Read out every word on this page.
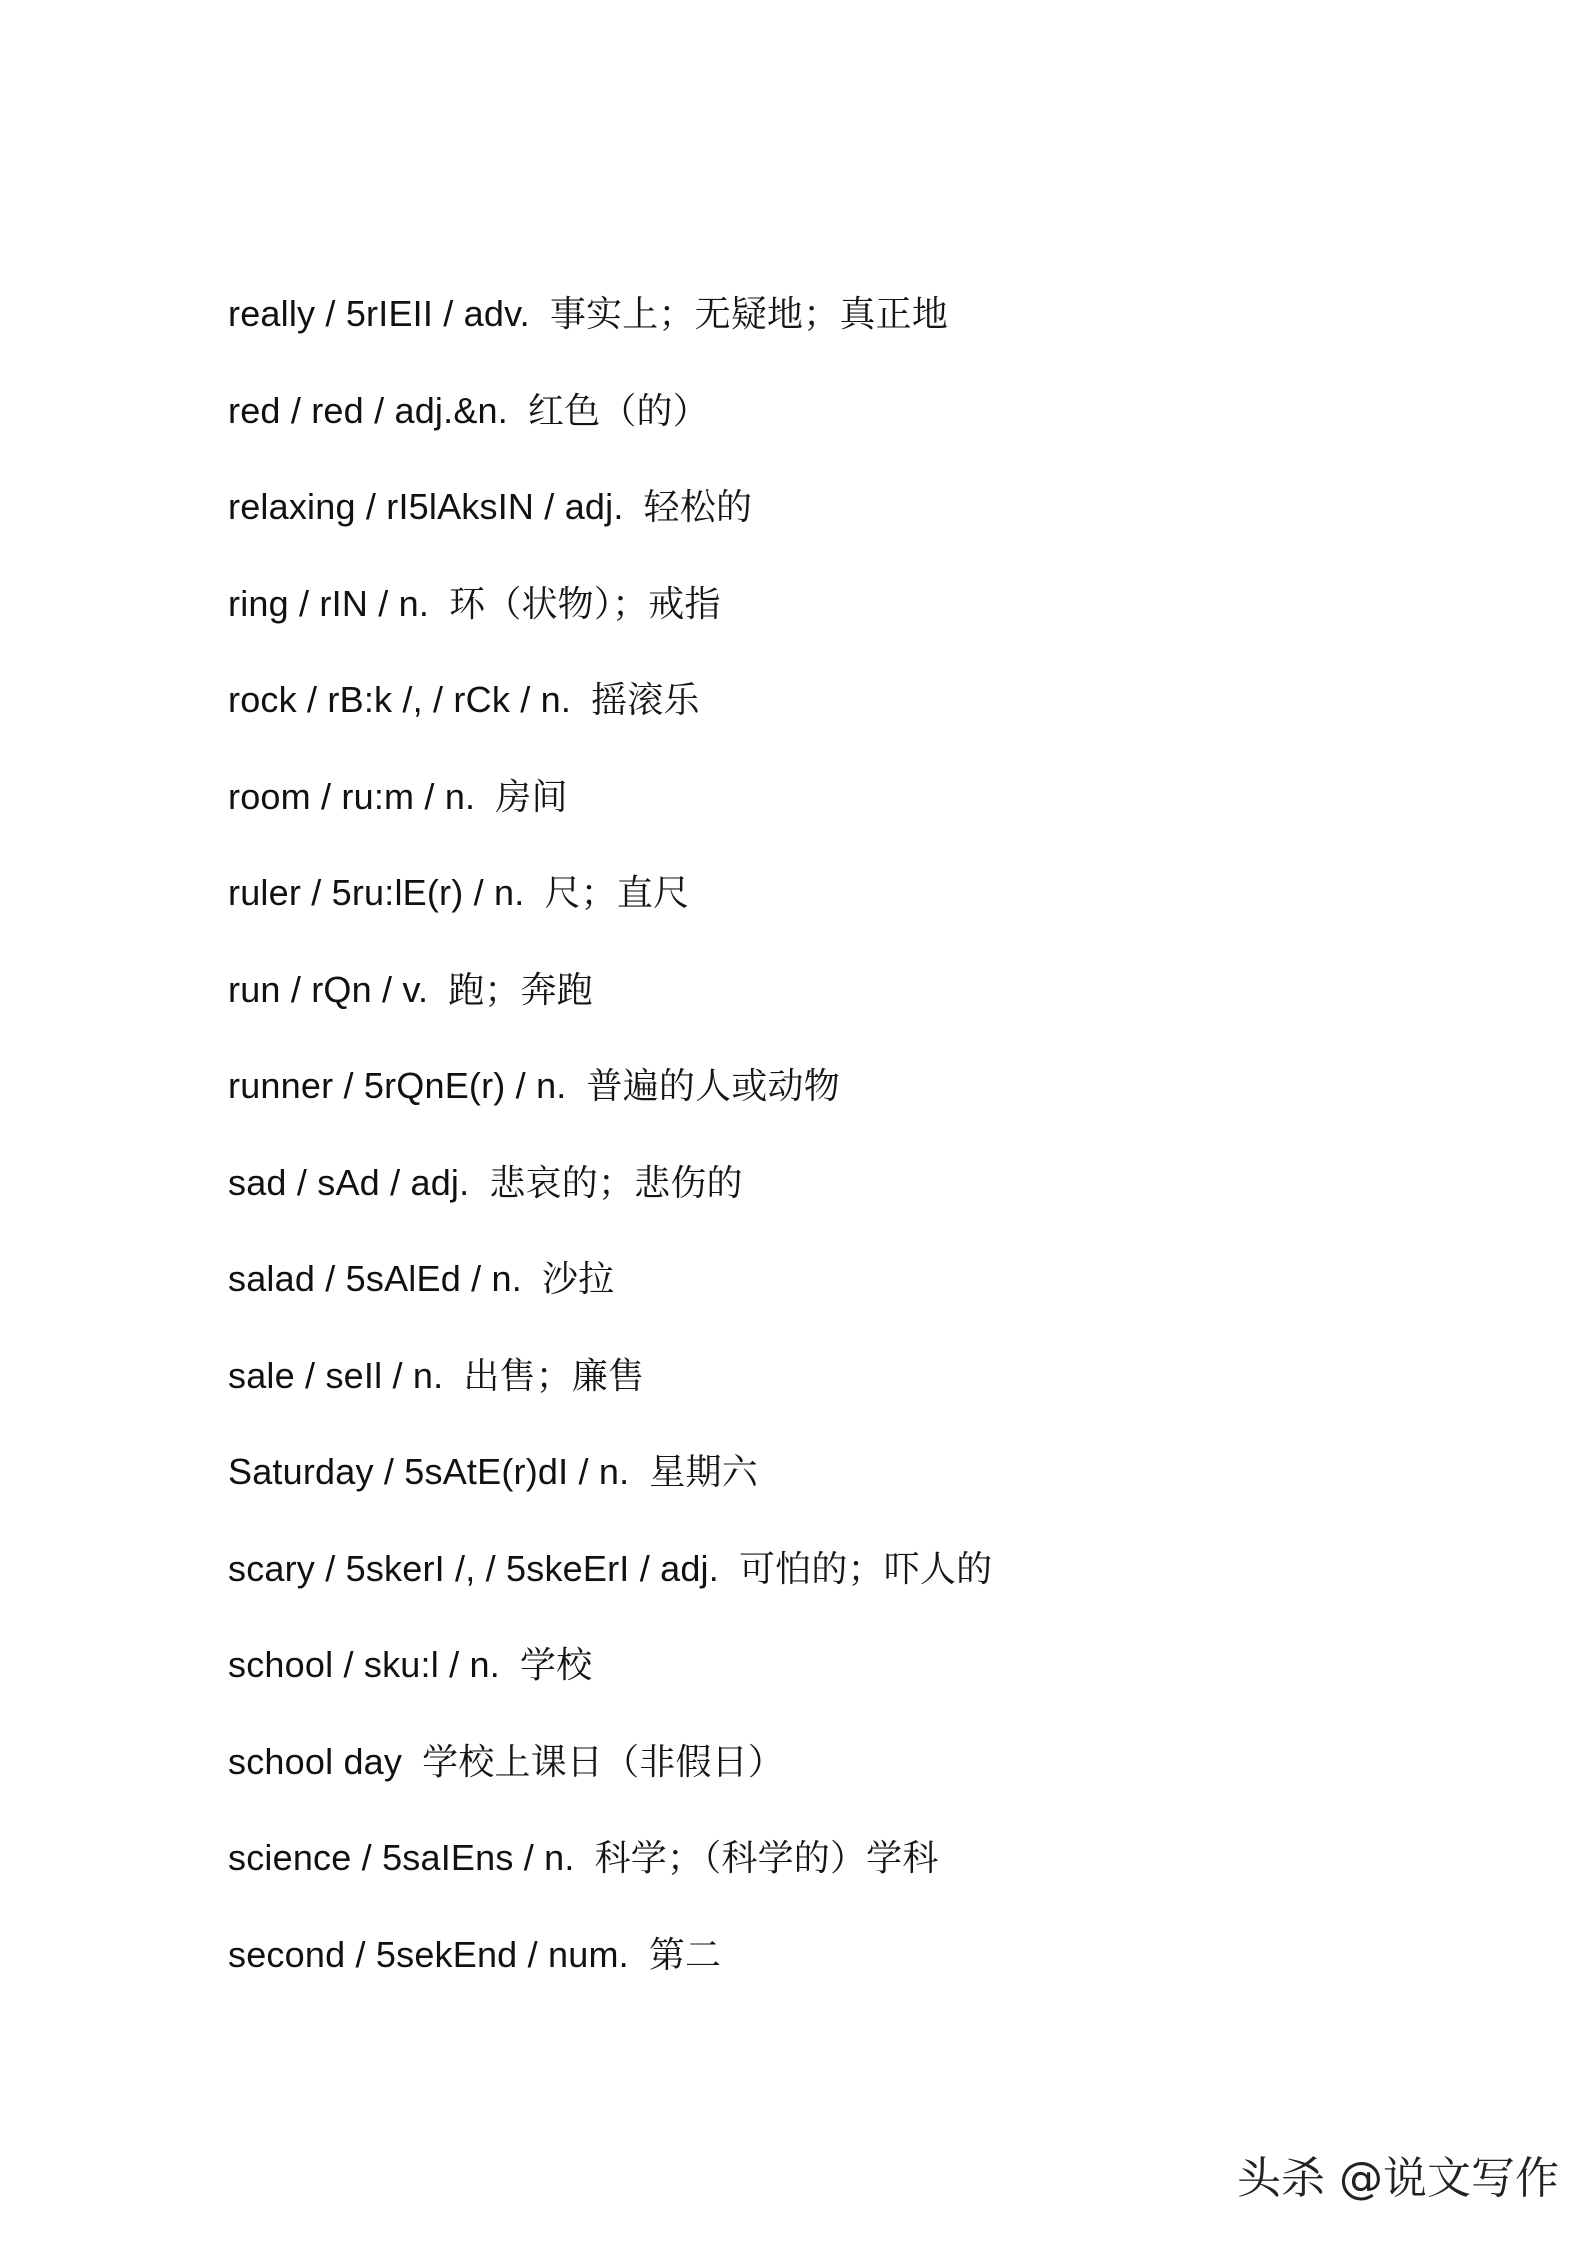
really / 5rIEII / adv. 事实上；无疑地；真正地
red / red / adj.&n. 红色（的）
relaxing / rI5lAksIN / adj. 轻松的
ring / rIN / n. 环（状物）；戒指
rock / rB:k /, / rCk / n. 摇滚乐
room / ru:m / n. 房间
ruler / 5ru:lE(r) / n. 尺；直尺
run / rQn / v. 跑；奔跑
runner / 5rQnE(r) / n. 普遍的人或动物
sad / sAd / adj. 悲哀的；悲伤的
salad / 5sAlEd / n. 沙拉
sale / seIl / n. 出售；廉售
Saturday / 5sAtE(r)dI / n. 星期六
scary / 5skerI /, / 5skeErI / adj. 可怕的；吓人的
school / sku:l / n. 学校
school day 学校上课日（非假日）
science / 5saIEns / n. 科学；（科学的）学科
second / 5sekEnd / num. 第二
头杀 @说文写作
